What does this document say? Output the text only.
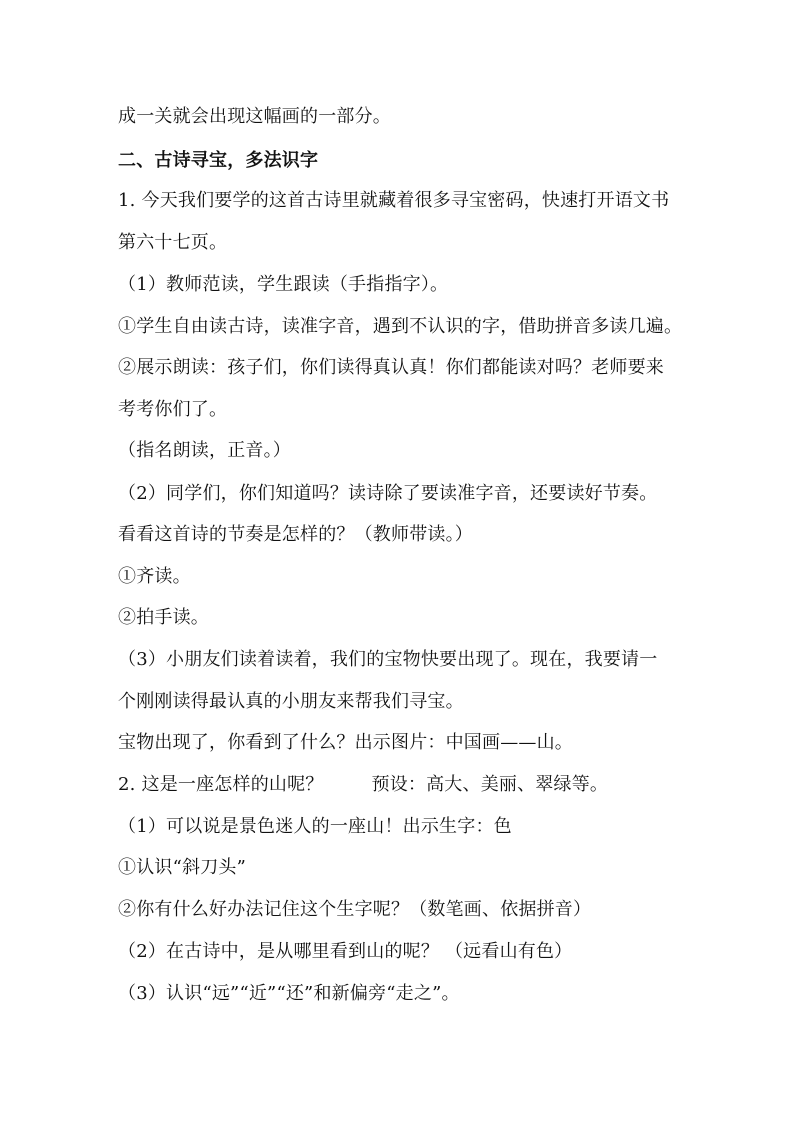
成一关就会出现这幅画的一部分。
二、古诗寻宝，多法识字
1. 今天我们要学的这首古诗里就藏着很多寻宝密码，快速打开语文书
第六十七页。
（1）教师范读，学生跟读（手指指字）。
①学生自由读古诗，读准字音，遇到不认识的字，借助拼音多读几遍。
②展示朗读：孩子们，你们读得真认真！你们都能读对吗？老师要来
考考你们了。
（指名朗读，正音。）
（2）同学们，你们知道吗？读诗除了要读准字音，还要读好节奏。
看看这首诗的节奏是怎样的？（教师带读。）
①齐读。
②拍手读。
（3）小朋友们读着读着，我们的宝物快要出现了。现在，我要请一
个刚刚读得最认真的小朋友来帮我们寻宝。
宝物出现了，你看到了什么？出示图片：中国画——山。
2. 这是一座怎样的山呢？	预设：高大、美丽、翠绿等。
（1）可以说是景色迷人的一座山！出示生字：色
①认识“斜刀头”
②你有什么好办法记住这个生字呢？（数笔画、依据拼音）
（2）在古诗中，是从哪里看到山的呢？ （远看山有色）
（3）认识“远”“近”“还”和新偏旁“走之”。
